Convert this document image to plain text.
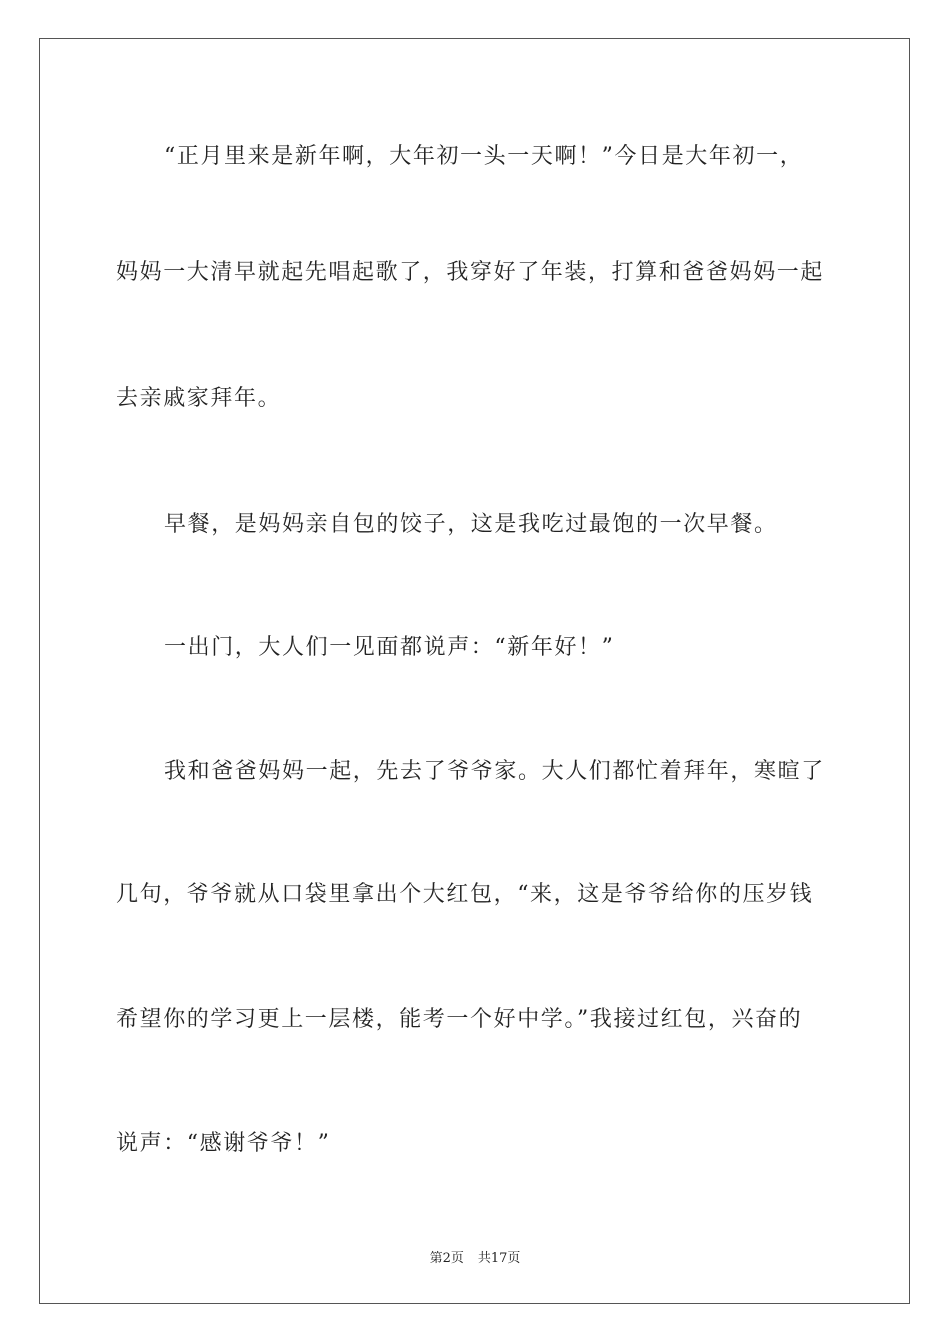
“正月里来是新年啊，大年初一头一天啊！”今日是大年初一，
妈妈一大清早就起先唱起歌了，我穿好了年装，打算和爸爸妈妈一起
去亲戚家拜年。
早餐，是妈妈亲自包的饺子，这是我吃过最饱的一次早餐。
一出门，大人们一见面都说声：“新年好！”
我和爸爸妈妈一起，先去了爷爷家。大人们都忙着拜年，寒暄了
几句，爷爷就从口袋里拿出个大红包，“来，这是爷爷给你的压岁钱
希望你的学习更上一层楼，能考一个好中学。”我接过红包，兴奋的
说声：“感谢爷爷！”
第2页 共17页
